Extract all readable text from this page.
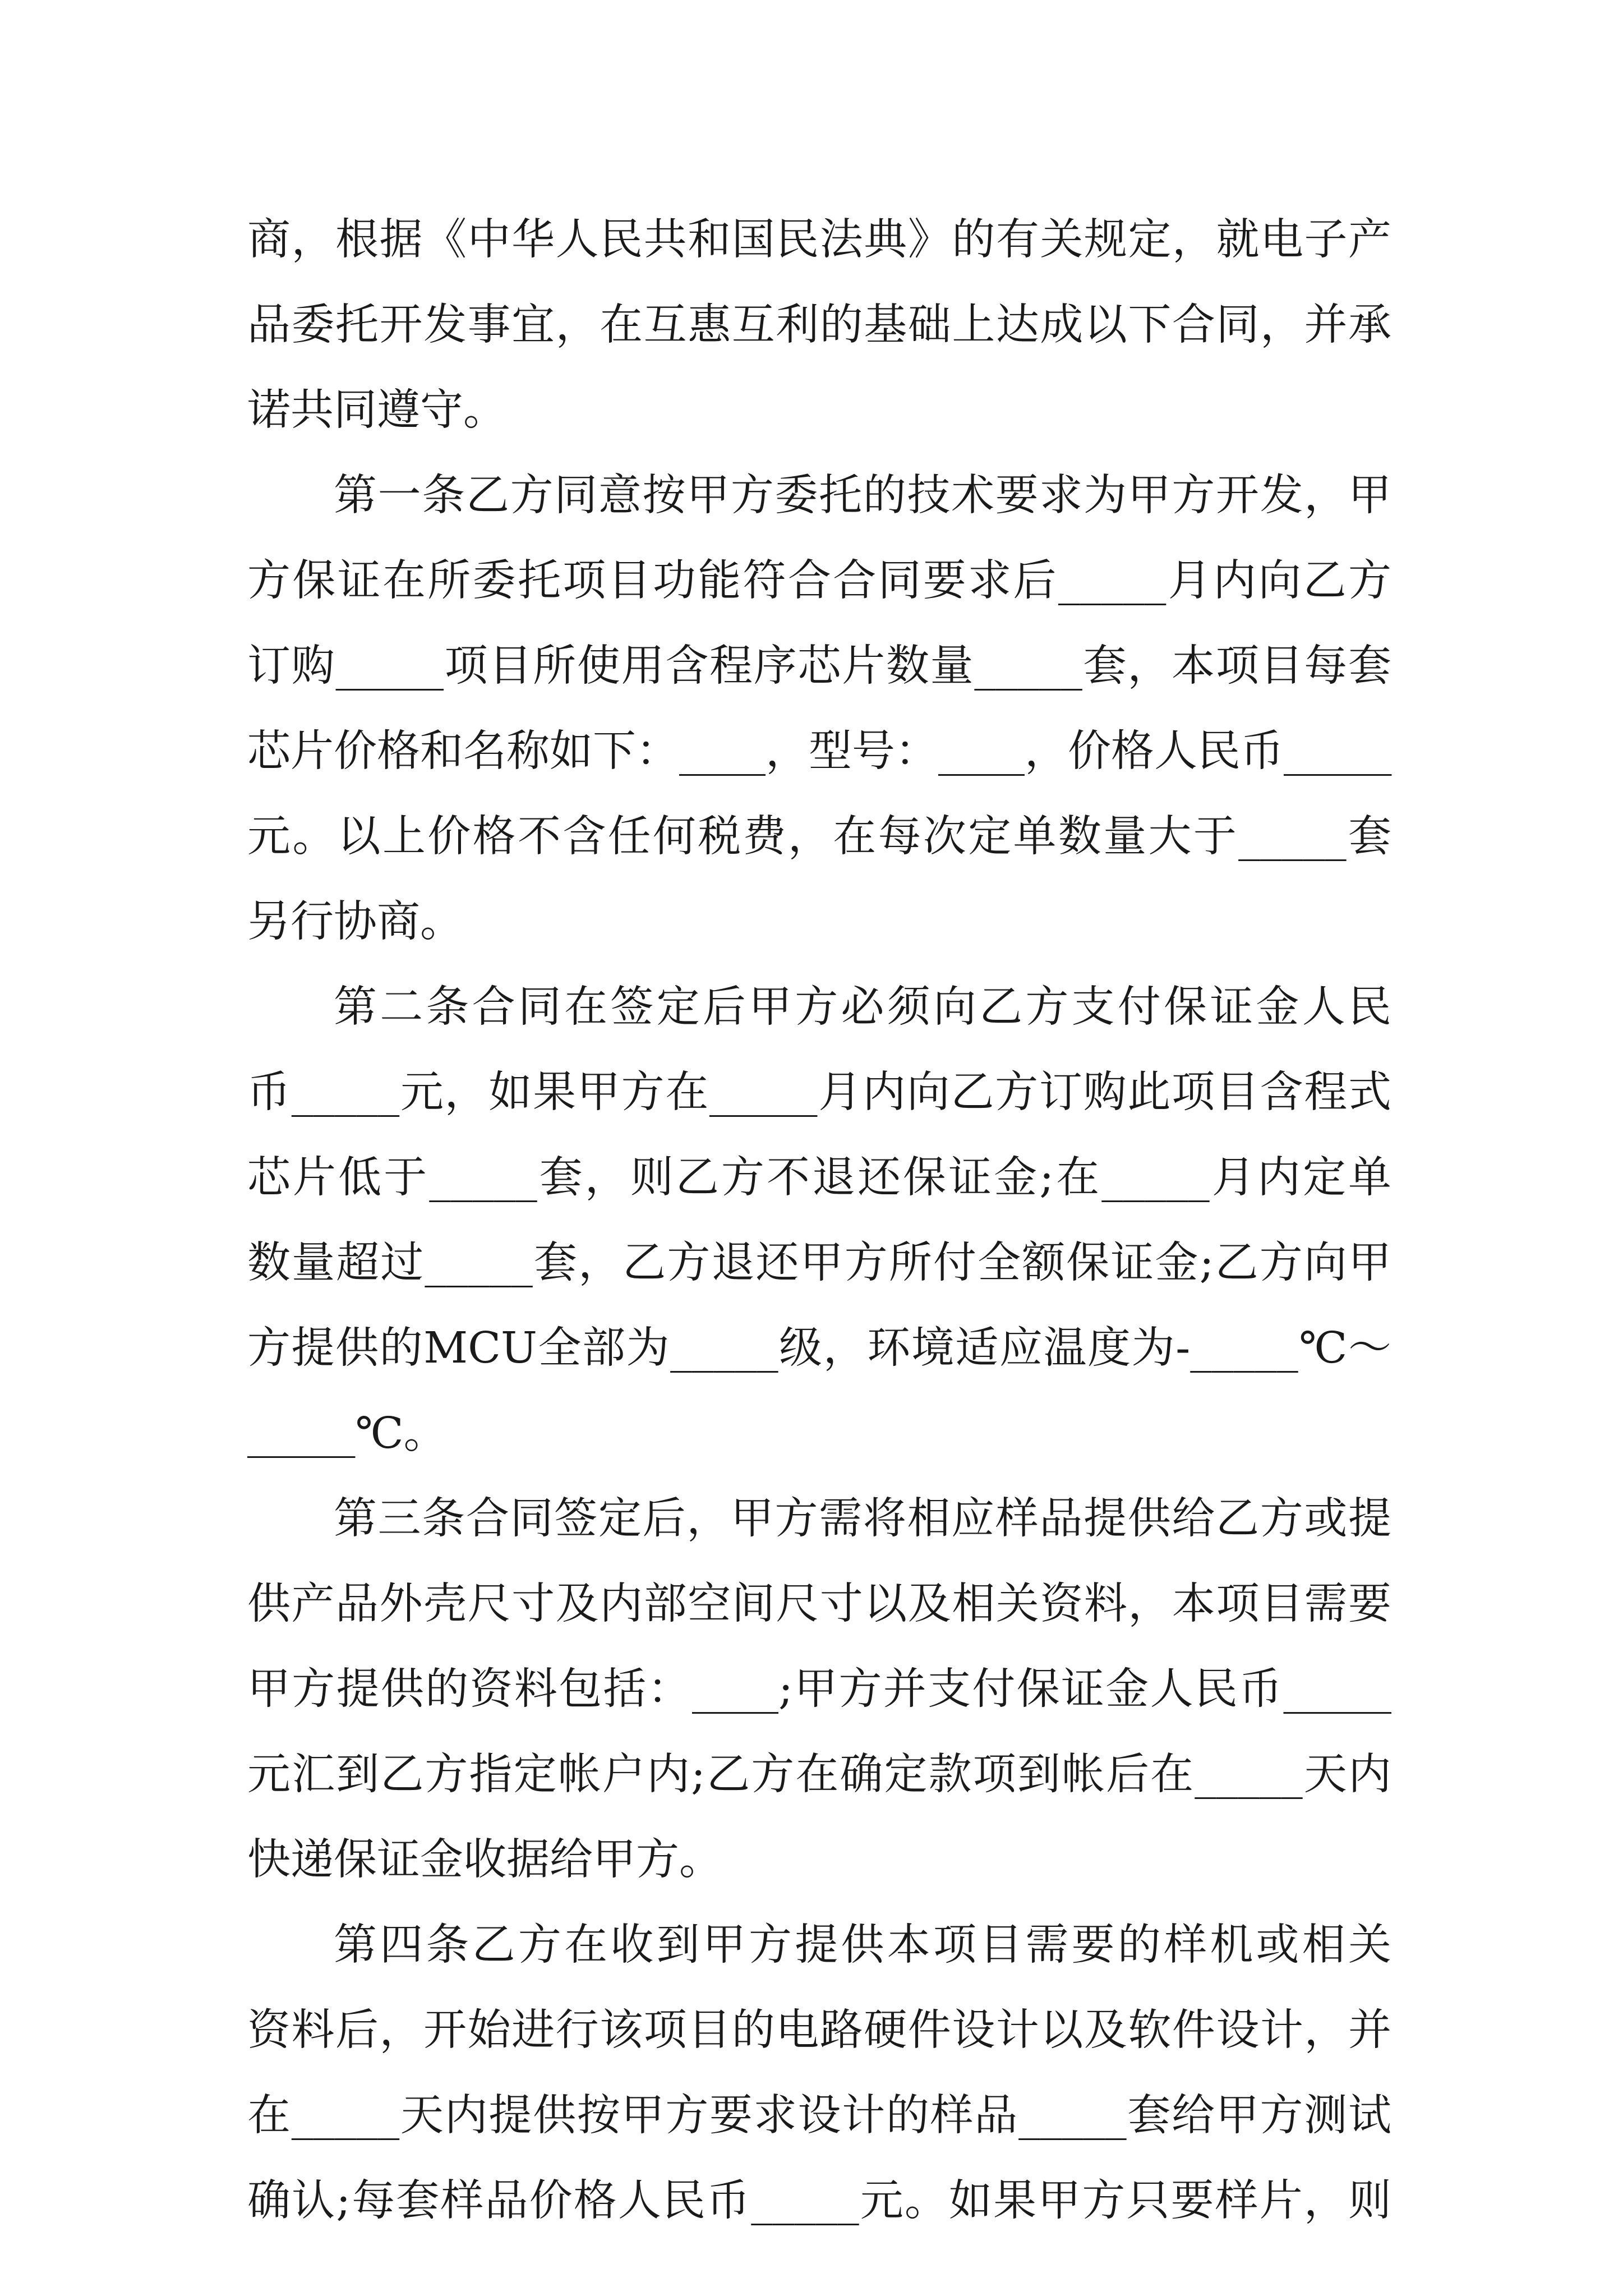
商，根据《中华人民共和国民法典》的有关规定，就电子产
品委托开发事宜，在互惠互利的基础上达成以下合同，并承
诺共同遵守。
第一条乙方同意按甲方委托的技术要求为甲方开发，甲
方保证在所委托项目功能符合合同要求后_____月内向乙方
订购_____项目所使用含程序芯片数量_____套，本项目每套
芯片价格和名称如下：____，型号：____，价格人民币_____
元。以上价格不含任何税费，在每次定单数量大于_____套
另行协商。
第二条合同在签定后甲方必须向乙方支付保证金人民
币_____元，如果甲方在_____月内向乙方订购此项目含程式
芯片低于_____套，则乙方不退还保证金;在_____月内定单
数量超过_____套，乙方退还甲方所付全额保证金;乙方向甲
方提供的MCU全部为_____级，环境适应温度为-_____℃～
_____℃。
第三条合同签定后，甲方需将相应样品提供给乙方或提
供产品外壳尺寸及内部空间尺寸以及相关资料，本项目需要
甲方提供的资料包括：____;甲方并支付保证金人民币_____
元汇到乙方指定帐户内;乙方在确定款项到帐后在_____天内
快递保证金收据给甲方。
第四条乙方在收到甲方提供本项目需要的样机或相关
资料后，开始进行该项目的电路硬件设计以及软件设计，并
在_____天内提供按甲方要求设计的样品_____套给甲方测试
确认;每套样品价格人民币_____元。如果甲方只要样片，则
